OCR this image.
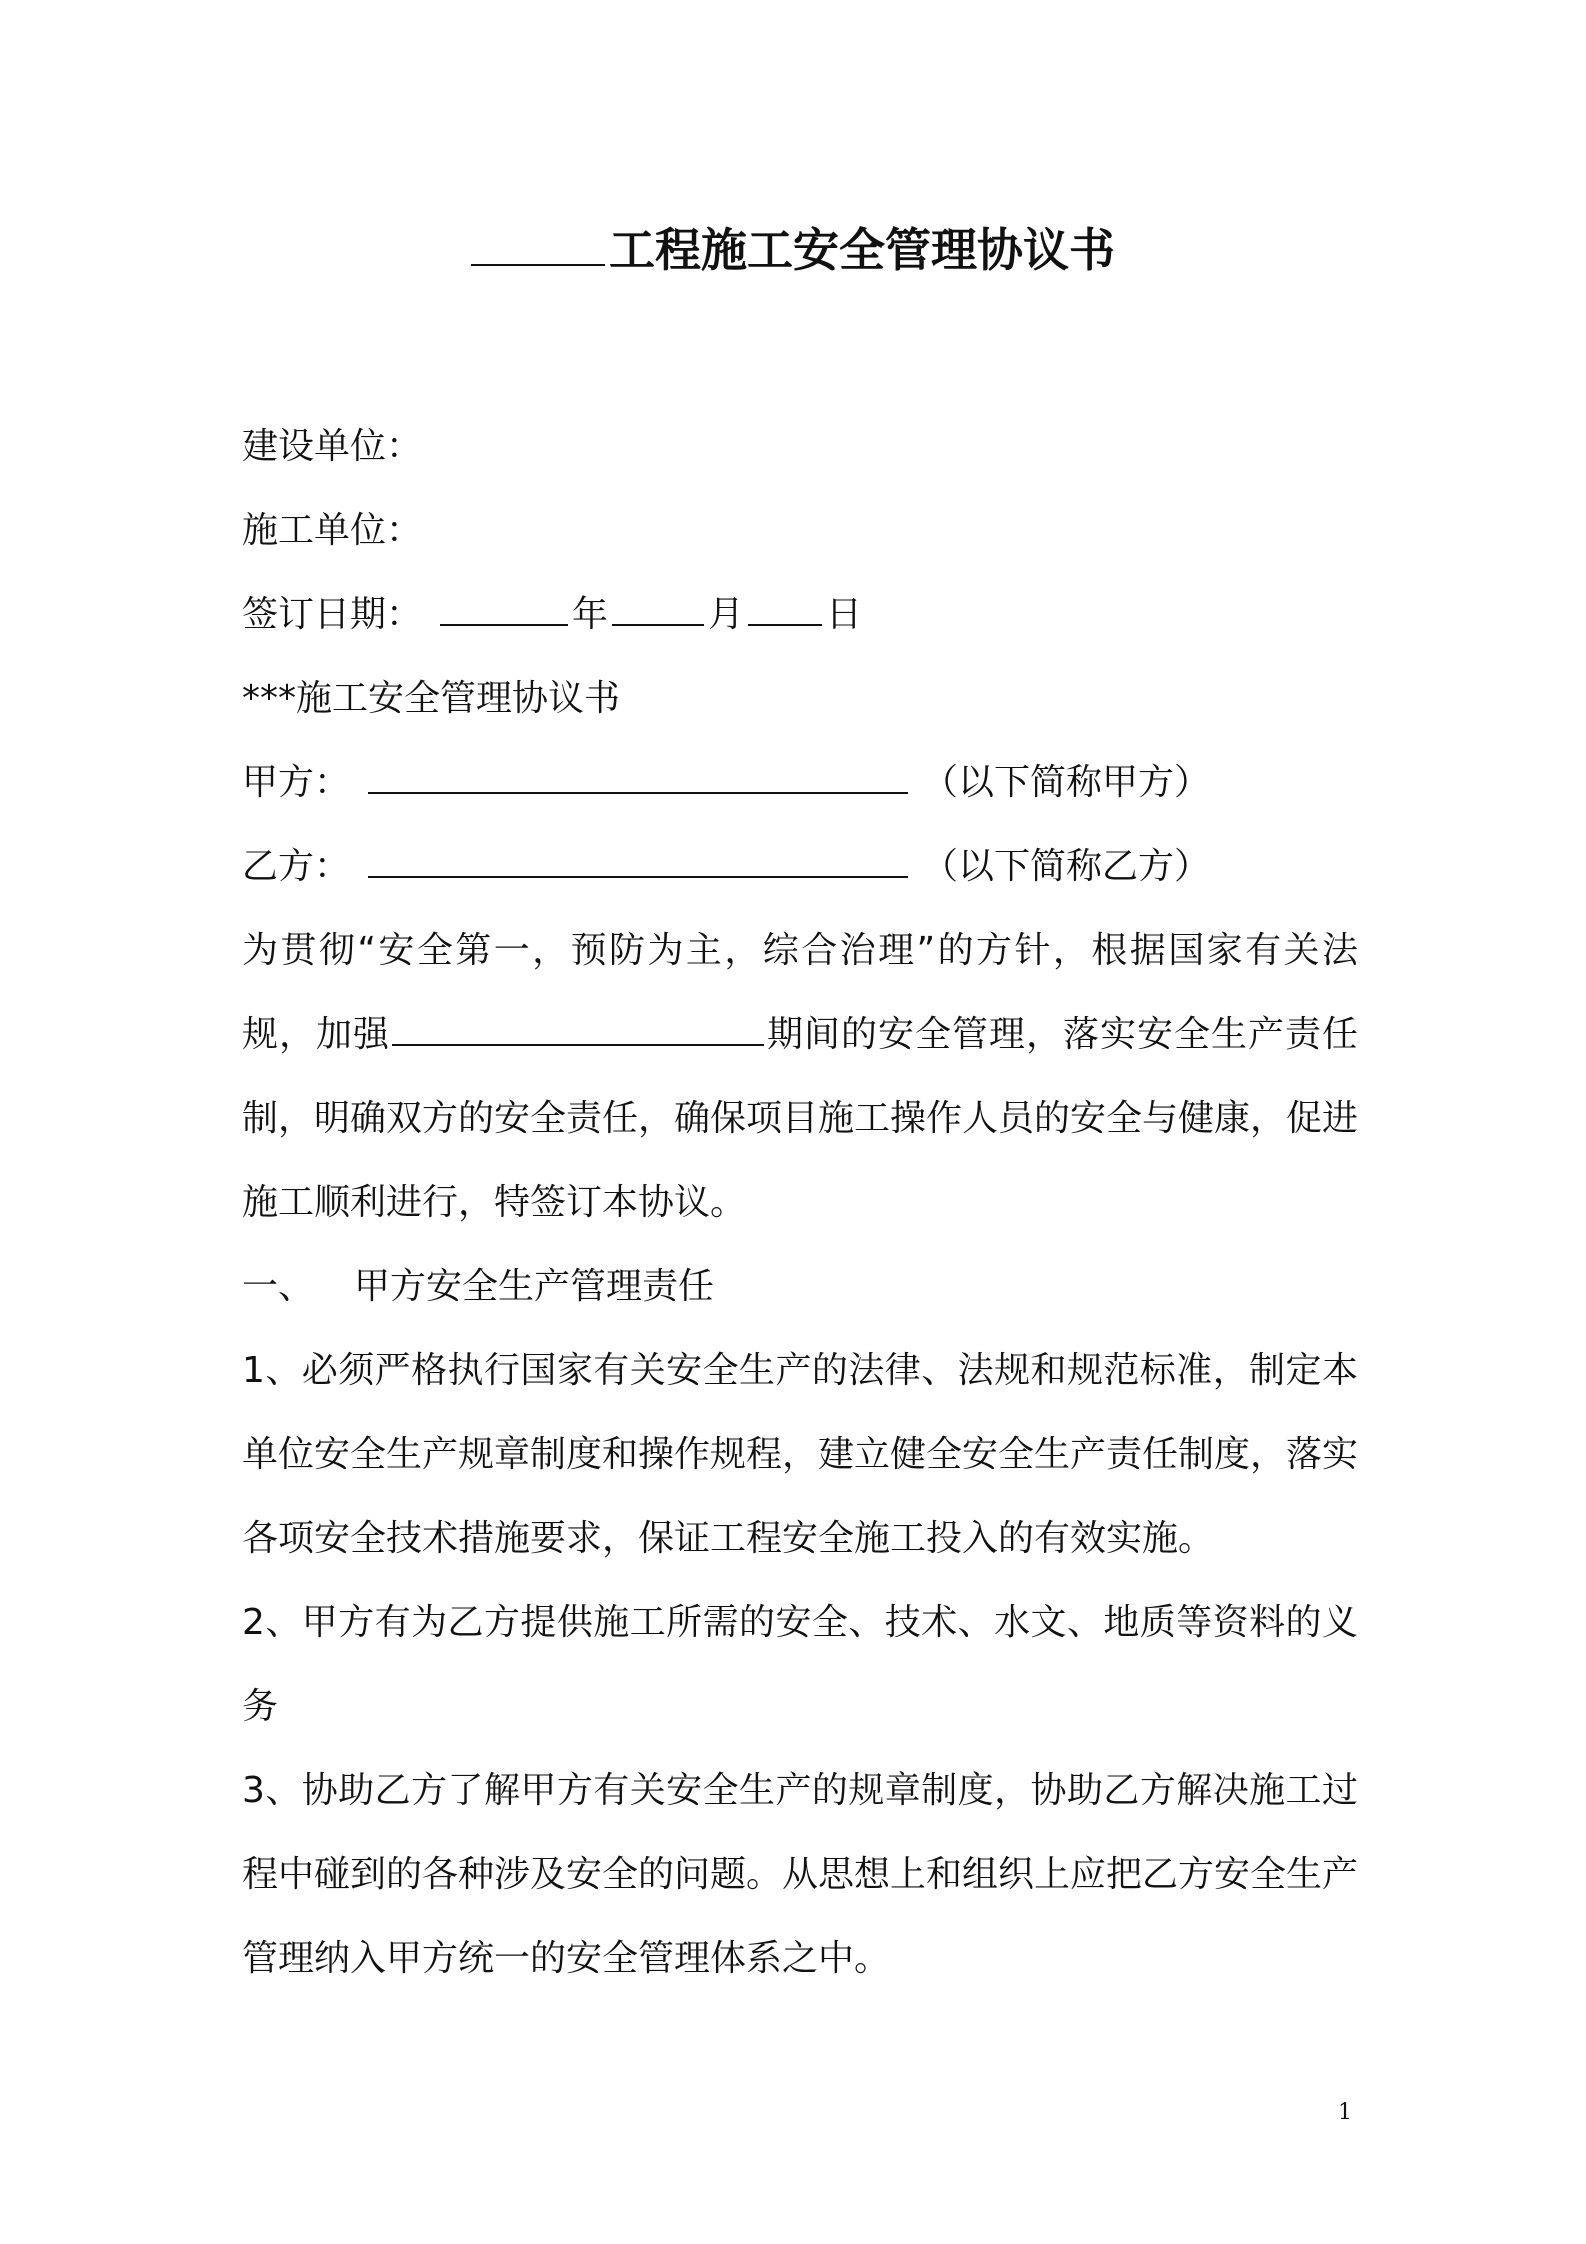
工程施工安全管理协议书

建设单位：

施工单位：

签订日期：	年	月 日

***施工安全管理协议书

甲方：	（以下简称甲方）

乙方：	（以下简称乙方）

为贯彻“安全第一，预防为主，综合治理”的方针，根据国家有关法规，加强	期间的安全管理，落实安全生产责任制，明确双方的安全责任，确保项目施工操作人员的安全与健康，促进施工顺利进行，特签订本协议。

一、 甲方安全生产管理责任

1、必须严格执行国家有关安全生产的法律、法规和规范标准，制定本单位安全生产规章制度和操作规程，建立健全安全生产责任制度，落实各项安全技术措施要求，保证工程安全施工投入的有效实施。

2、甲方有为乙方提供施工所需的安全、技术、水文、地质等资料的义务

3、协助乙方了解甲方有关安全生产的规章制度，协助乙方解决施工过程中碰到的各种涉及安全的问题。从思想上和组织上应把乙方安全生产管理纳入甲方统一的安全管理体系之中。

1
